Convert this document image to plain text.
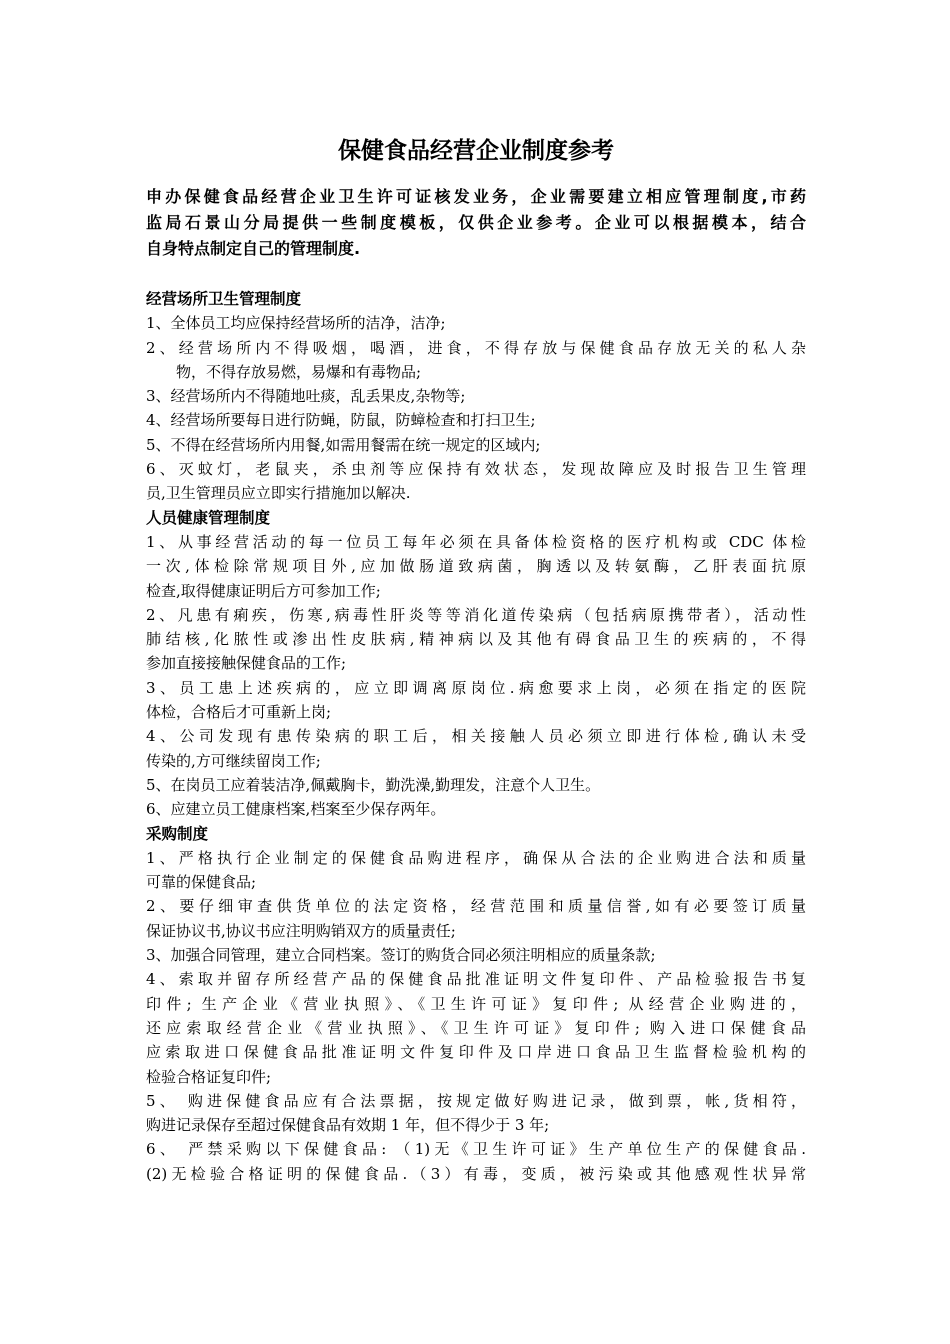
保健食品经营企业制度参考
申办保健食品经营企业卫生许可证核发业务，企业需要建立相应管理制度,市药
监局石景山分局提供一些制度模板，仅供企业参考。企业可以根据模本，结合
自身特点制定自己的管理制度.
经营场所卫生管理制度
1、全体员工均应保持经营场所的洁净，洁净;
2、经营场所内不得吸烟，喝酒，进食，不得存放与保健食品存放无关的私人杂
物，不得存放易燃，易爆和有毒物品;
3、经营场所内不得随地吐痰，乱丢果皮,杂物等;
4、经营场所要每日进行防蝇，防鼠，防蟑检查和打扫卫生;
5、不得在经营场所内用餐,如需用餐需在统一规定的区域内;
6、灭蚊灯，老鼠夹，杀虫剂等应保持有效状态，发现故障应及时报告卫生管理
员,卫生管理员应立即实行措施加以解决.
人员健康管理制度
1、从事经营活动的每一位员工每年必须在具备体检资格的医疗机构或 CDC 体检
一次,体检除常规项目外,应加做肠道致病菌，胸透以及转氨酶，乙肝表面抗原
检查,取得健康证明后方可参加工作;
2、凡患有痢疾，伤寒,病毒性肝炎等等消化道传染病（包括病原携带者），活动性
肺结核,化脓性或渗出性皮肤病,精神病以及其他有碍食品卫生的疾病的，不得
参加直接接触保健食品的工作;
3、员工患上述疾病的，应立即调离原岗位.病愈要求上岗，必须在指定的医院
体检，合格后才可重新上岗;
4、公司发现有患传染病的职工后，相关接触人员必须立即进行体检,确认未受
传染的,方可继续留岗工作;
5、在岗员工应着装洁净,佩戴胸卡，勤洗澡,勤理发，注意个人卫生。
6、应建立员工健康档案,档案至少保存两年。
采购制度
1、严格执行企业制定的保健食品购进程序，确保从合法的企业购进合法和质量
可靠的保健食品;
2、要仔细审查供货单位的法定资格，经营范围和质量信誉,如有必要签订质量
保证协议书,协议书应注明购销双方的质量责任;
3、加强合同管理，建立合同档案。签订的购货合同必须注明相应的质量条款;
4、索取并留存所经营产品的保健食品批准证明文件复印件、产品检验报告书复
印件; 生产企业《营业执照》、《卫生许可证》复印件; 从经营企业购进的，
还应索取经营企业《营业执照》、《卫生许可证》复印件; 购入进口保健食品
应索取进口保健食品批准证明文件复印件及口岸进口食品卫生监督检验机构的
检验合格证复印件;
5、 购进保健食品应有合法票据，按规定做好购进记录，做到票，帐,货相符，
购进记录保存至超过保健食品有效期 1 年，但不得少于 3 年;
6、 严禁采购以下保健食品: （1)无《卫生许可证》生产单位生产的保健食品.
(2)无检验合格证明的保健食品.（3）有毒，变质，被污染或其他感观性状异常
